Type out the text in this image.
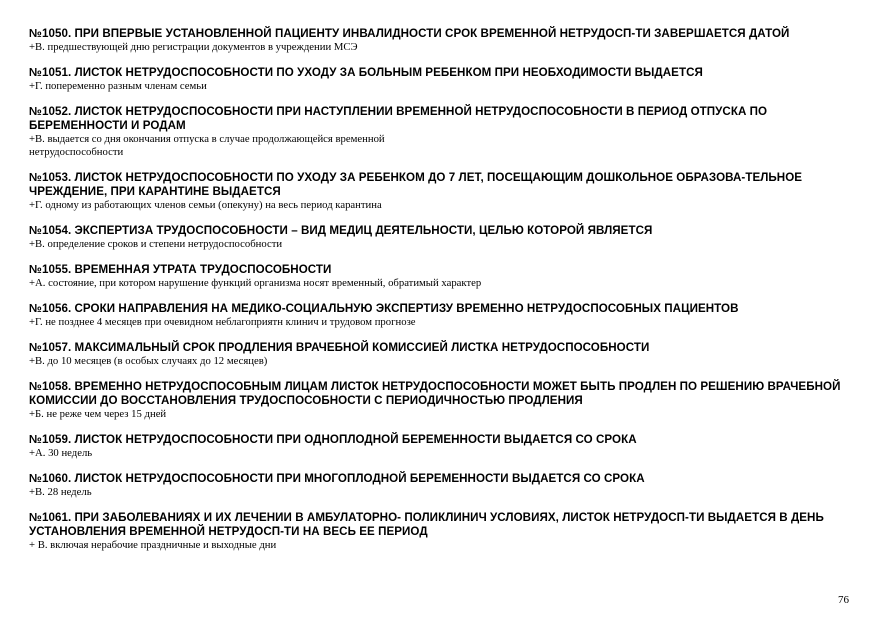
№1050. ПРИ ВПЕРВЫЕ УСТАНОВЛЕННОЙ ПАЦИЕНТУ ИНВАЛИДНОСТИ СРОК ВРЕМЕННОЙ НЕТРУДОСП-ТИ ЗАВЕРШАЕТСЯ ДАТОЙ

+В. предшествующей дню регистрации документов в учреждении МСЭ

№1051. ЛИСТОК НЕТРУДОСПОСОБНОСТИ ПО УХОДУ ЗА БОЛЬНЫМ РЕБЕНКОМ ПРИ НЕОБХОДИМОСТИ ВЫДАЕТСЯ

+Г. попеременно разным членам семьи

№1052. ЛИСТОК НЕТРУДОСПОСОБНОСТИ ПРИ НАСТУПЛЕНИИ ВРЕМЕННОЙ НЕТРУДОСПОСОБНОСТИ В ПЕРИОД ОТПУСКА ПО БЕРЕМЕННОСТИ И РОДАМ

+В. выдается со дня окончания отпуска в случае продолжающейся временной

нетрудоспособности

№1053. ЛИСТОК НЕТРУДОСПОСОБНОСТИ ПО УХОДУ ЗА РЕБЕНКОМ ДО 7 ЛЕТ, ПОСЕЩАЮЩИМ ДОШКОЛЬНОЕ ОБРАЗОВА-ТЕЛЬНОЕ ЧРЕЖДЕНИЕ, ПРИ КАРАНТИНЕ ВЫДАЕТСЯ

+Г. одному из работающих членов семьи (опекуну) на весь период карантина

№1054. ЭКСПЕРТИЗА ТРУДОСПОСОБНОСТИ – ВИД МЕДИЦ ДЕЯТЕЛЬНОСТИ, ЦЕЛЬЮ КОТОРОЙ ЯВЛЯЕТСЯ

+В. определение сроков и степени нетрудоспособности

№1055. ВРЕМЕННАЯ УТРАТА ТРУДОСПОСОБНОСТИ

+А. состояние, при котором нарушение функций организма носят временный, обратимый характер

№1056. СРОКИ НАПРАВЛЕНИЯ НА МЕДИКО-СОЦИАЛЬНУЮ ЭКСПЕРТИЗУ ВРЕМЕННО НЕТРУДОСПОСОБНЫХ ПАЦИЕНТОВ

+Г. не позднее 4 месяцев при очевидном неблагоприятн клинич и трудовом прогнозе

№1057. МАКСИМАЛЬНЫЙ СРОК ПРОДЛЕНИЯ ВРАЧЕБНОЙ КОМИССИЕЙ ЛИСТКА НЕТРУДОСПОСОБНОСТИ

+В. до 10 месяцев (в особых случаях до 12 месяцев)

№1058. ВРЕМЕННО НЕТРУДОСПОСОБНЫМ ЛИЦАМ ЛИСТОК НЕТРУДОСПОСОБНОСТИ МОЖЕТ БЫТЬ ПРОДЛЕН ПО РЕШЕНИЮ ВРАЧЕБНОЙ КОМИССИИ ДО ВОССТАНОВЛЕНИЯ ТРУДОСПОСОБНОСТИ С ПЕРИОДИЧНОСТЬЮ ПРОДЛЕНИЯ

+Б. не реже чем через 15 дней

№1059. ЛИСТОК НЕТРУДОСПОСОБНОСТИ ПРИ ОДНОПЛОДНОЙ БЕРЕМЕННОСТИ ВЫДАЕТСЯ СО СРОКА

+А. 30 недель

№1060. ЛИСТОК НЕТРУДОСПОСОБНОСТИ ПРИ МНОГОПЛОДНОЙ БЕРЕМЕННОСТИ ВЫДАЕТСЯ СО СРОКА

+В. 28 недель

№1061. ПРИ ЗАБОЛЕВАНИЯХ И ИХ ЛЕЧЕНИИ В АМБУЛАТОРНО- ПОЛИКЛИНИЧ УСЛОВИЯХ, ЛИСТОК НЕТРУДОСП-ТИ ВЫДАЕТСЯ В ДЕНЬ УСТАНОВЛЕНИЯ ВРЕМЕННОЙ НЕТРУДОСП-ТИ НА ВЕСЬ ЕЕ ПЕРИОД

+ В. включая нерабочие праздничные и выходные дни

76
